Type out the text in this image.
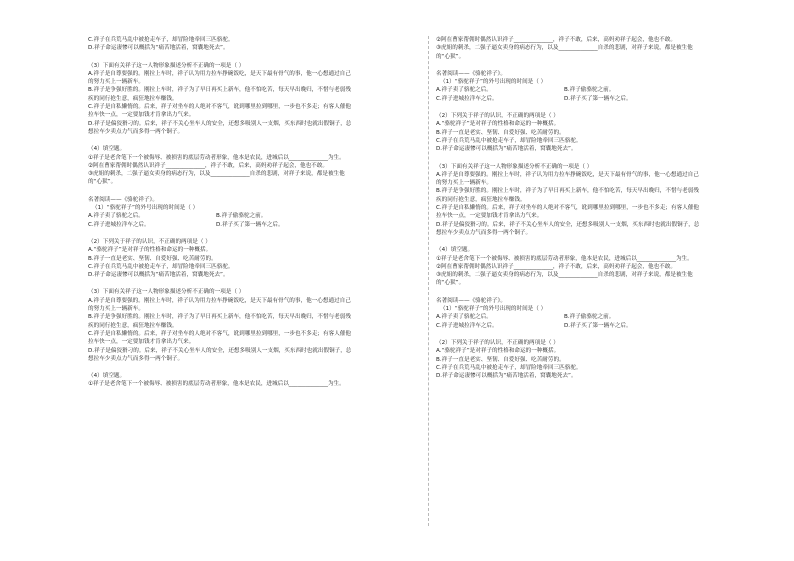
C.祥子在兵荒马乱中被抢走车子，却冒险地牵回三匹骆驼。
D.祥子命运凄惨可以概括为“痛苦地活着，窝囊地死去”。
（3）下面有关祥子这一人物形象描述分析不正确的一项是（ ）
A.祥子是自尊要强的。刚拉上车时，祥子认为用力拉车挣碗饭吃，是天下最有骨气的事，他一心想通过自己
的努力买上一辆新车。
B.祥子是争强好胜的。刚拉上车时，祥子为了早日再买上新车，他不怕吃苦，每天早出晚归，不惜与老弱残
疾的同行抢生意，疯狂地拉车赚钱。
C.祥子是自私懒惰的。后来，祥子对坐车的人绝对不客气，讹到哪里拉到哪里，一步也不多走；有客人催他
拉车快一点，一定要加钱才肯拿出力气来。
D.祥子是偏狡猾刁的。后来，祥子不关心坐车人的安全，还想多吸别人一支烟，买东西时也就出假铜子，总
想拉车少卖点力气而多得一两个铜子。
（4）填空题。
①祥子是老舍笔下一个被侮辱、被损害的底层劳动者形象，他本是农民，进城后以______________为生。
②阿在曹家帮佣时偶然认识祥子______________，祥子不敢，后来，高妈劝祥子起会，他也不敢。
③虎姐的刺杀，二强子逼女卖身的病态行为，以及______________自杀的悲剧，对祥子来说，都是被生他
的“心狱”。
名著阅读——《骆驼祥子》。
（1）“骆驼祥子”的外号出现的时间是（ ）
A.祥子卖了骆驼之后。	B.祥子偷骆驼之前。
C.祥子进城拉洋车之后。	D.祥子买了第一辆车之后。
（2）下列关于祥子的认识，不正确的两项是（ ）
A.“骆驼祥子”是对祥子的性格和命运的一种概括。
B.祥子一直是老实、坚韧、自爱好强、吃苦耐劳的。
C.祥子在兵荒马乱中被抢走车子，却冒险地牵回三匹骆驼。
D.祥子命运凄惨可以概括为“痛苦地活着，窝囊地死去”。
（3）下面有关祥子这一人物形象描述分析不正确的一项是（ ）
A.祥子是自尊要强的。刚拉上车时，祥子认为用力拉车挣碗饭吃，是天下最有骨气的事，他一心想通过自己
的努力买上一辆新车。
B.祥子是争强好胜的。刚拉上车时，祥子为了早日再买上新车，他不怕吃苦，每天早出晚归，不惜与老弱残
疾的同行抢生意，疯狂地拉车赚钱。
C.祥子是自私懒惰的。后来，祥子对坐车的人绝对不客气，讹到哪里拉到哪里，一步也不多走；有客人催他
拉车快一点，一定要加钱才肯拿出力气来。
D.祥子是偏狡猾刁的。后来，祥子不关心坐车人的安全，还想多吸别人一支烟，买东西时也就出假铜子，总
想拉车少卖点力气而多得一两个铜子。
（4）填空题。
①祥子是老舍笔下一个被侮辱、被损害的底层劳动者形象，他本是农民，进城后以______________为生。
②阿在曹家帮佣时偶然认识祥子______________，祥子不敢，后来，高妈劝祥子起会，他也不敢。
③虎姐的刺杀，二强子逼女卖身的病态行为，以及______________自杀的悲剧，对祥子来说，都是被生他
的“心狱”。
名著阅读——《骆驼祥子》。
（1）“骆驼祥子”的外号出现的时间是（ ）
A.祥子卖了骆驼之后。	B.祥子偷骆驼之前。
C.祥子进城拉洋车之后。	D.祥子买了第一辆车之后。
（2）下列关于祥子的认识，不正确的两项是（ ）
A.“骆驼祥子”是对祥子的性格和命运的一种概括。
B.祥子一直是老实、坚韧、自爱好强、吃苦耐劳的。
C.祥子在兵荒马乱中被抢走车子，却冒险地牵回三匹骆驼。
D.祥子命运凄惨可以概括为“痛苦地活着，窝囊地死去”。
（3）下面有关祥子这一人物形象描述分析不正确的一项是（ ）
A.祥子是自尊要强的。刚拉上车时，祥子认为用力拉车挣碗饭吃，是天下最有骨气的事，他一心想通过自己
的努力买上一辆新车。
B.祥子是争强好胜的。刚拉上车时，祥子为了早日再买上新车，他不怕吃苦，每天早出晚归，不惜与老弱残
疾的同行抢生意，疯狂地拉车赚钱。
C.祥子是自私懒惰的。后来，祥子对坐车的人绝对不客气，讹到哪里拉到哪里，一步也不多走；有客人催他
拉车快一点，一定要加钱才肯拿出力气来。
D.祥子是偏狡猾刁的。后来，祥子不关心坐车人的安全，还想多吸别人一支烟，买东西时也就出假铜子，总
想拉车少卖点力气而多得一两个铜子。
（4）填空题。
①祥子是老舍笔下一个被侮辱、被损害的底层劳动者形象，他本是农民，进城后以______________为生。
②阿在曹家帮佣时偶然认识祥子______________，祥子不敢，后来，高妈劝祥子起会，他也不敢。
③虎姐的刺杀，二强子逼女卖身的病态行为，以及______________自杀的悲剧，对祥子来说，都是被生他
的“心狱”。
名著阅读——《骆驼祥子》。
（1）“骆驼祥子”的外号出现的时间是（ ）
A.祥子卖了骆驼之后。	B.祥子偷骆驼之前。
C.祥子进城拉洋车之后。	D.祥子买了第一辆车之后。
（2）下列关于祥子的认识，不正确的两项是（ ）
A.“骆驼祥子”是对祥子的性格和命运的一种概括。
B.祥子一直是老实、坚韧、自爱好强、吃苦耐劳的。
C.祥子在兵荒马乱中被抢走车子，却冒险地牵回三匹骆驼。
D.祥子命运凄惨可以概括为“痛苦地活着，窝囊地死去”。
